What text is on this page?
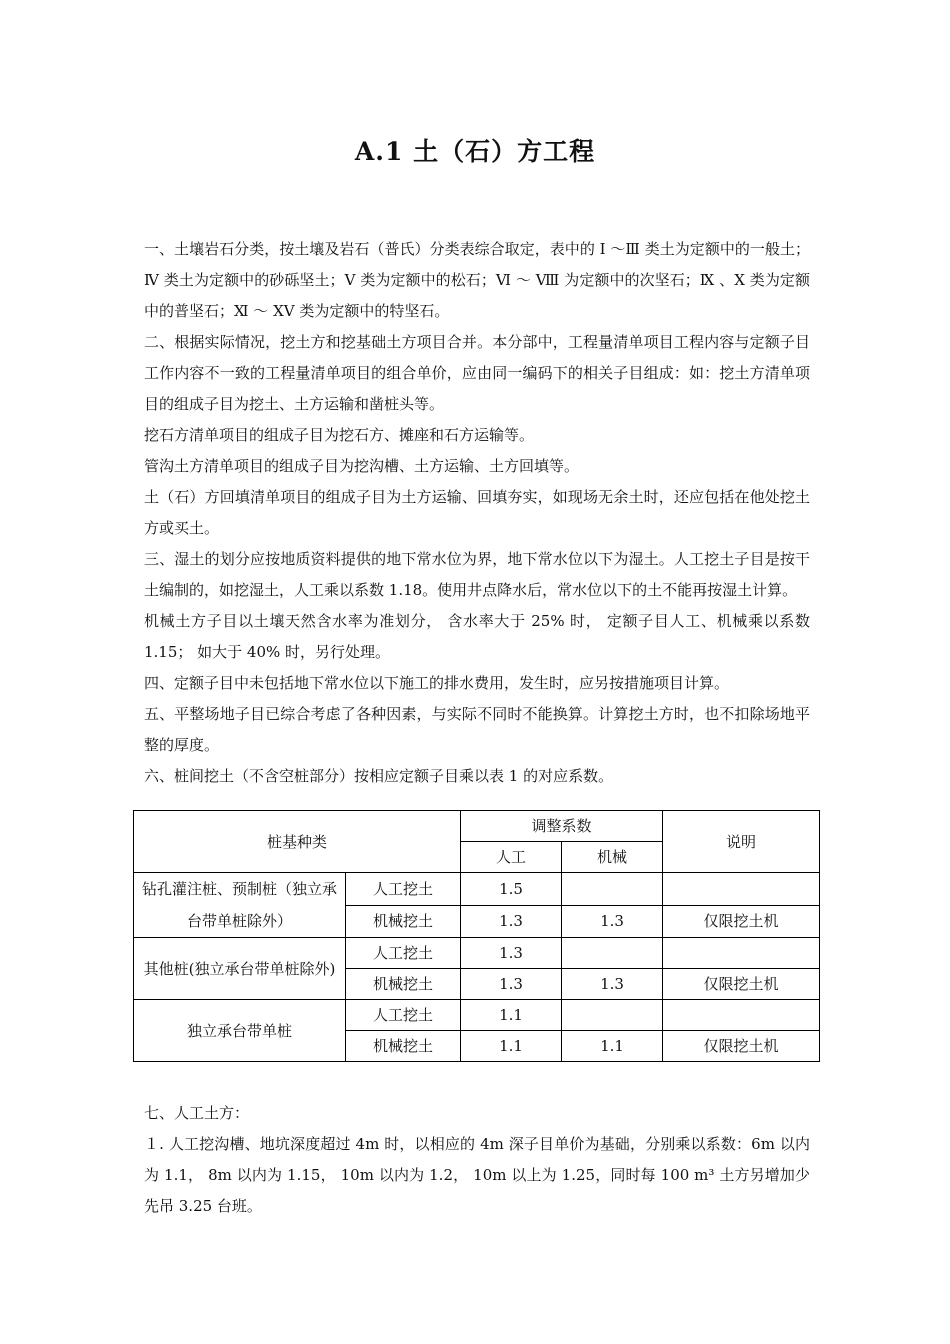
A.1 土（石）方工程

一、土壤岩石分类，按土壤及岩石（普氏）分类表综合取定，表中的 Ⅰ ～Ⅲ 类土为定额中的一般土；Ⅳ 类土为定额中的砂砾坚土；Ⅴ 类为定额中的松石；Ⅵ ～ Ⅷ 为定额中的次坚石；Ⅸ 、Ⅹ 类为定额中的普坚石；Ⅺ ～ ⅩⅤ 类为定额中的特坚石。

二、根据实际情况，挖土方和挖基础土方项目合并。本分部中，工程量清单项目工程内容与定额子目工作内容不一致的工程量清单项目的组合单价，应由同一编码下的相关子目组成：如：挖土方清单项目的组成子目为挖土、土方运输和凿桩头等。

挖石方清单项目的组成子目为挖石方、摊座和石方运输等。

管沟土方清单项目的组成子目为挖沟槽、土方运输、土方回填等。

土（石）方回填清单项目的组成子目为土方运输、回填夯实，如现场无余土时，还应包括在他处挖土方或买土。

三、湿土的划分应按地质资料提供的地下常水位为界，地下常水位以下为湿土。人工挖土子目是按干土编制的，如挖湿土，人工乘以系数 1.18。使用井点降水后，常水位以下的土不能再按湿土计算。

机械土方子目以土壤天然含水率为准划分， 含水率大于 25% 时， 定额子目人工、机械乘以系数 1.15； 如大于 40% 时，另行处理。

四、定额子目中未包括地下常水位以下施工的排水费用，发生时，应另按措施项目计算。

五、平整场地子目已综合考虑了各种因素，与实际不同时不能换算。计算挖土方时，也不扣除场地平整的厚度。

六、桩间挖土（不含空桩部分）按相应定额子目乘以表 1 的对应系数。

桩基种类		调整系数		说明
		人工	机械	
钻孔灌注桩、预制桩（独立承台带单桩除外）	人工挖土	1.5		
	机械挖土	1.3	1.3	仅限挖土机
其他桩(独立承台带单桩除外)	人工挖土	1.3		
	机械挖土	1.3	1.3	仅限挖土机
独立承台带单桩	人工挖土	1.1		
	机械挖土	1.1	1.1	仅限挖土机

七、人工土方：

１. 人工挖沟槽、地坑深度超过 4m 时，以相应的 4m 深子目单价为基础，分别乘以系数：6m 以内 为 1.1， 8m 以内为 1.15， 10m 以内为 1.2， 10m 以上为 1.25，同时每 100 m³ 土方另增加少先吊 3.25 台班。
